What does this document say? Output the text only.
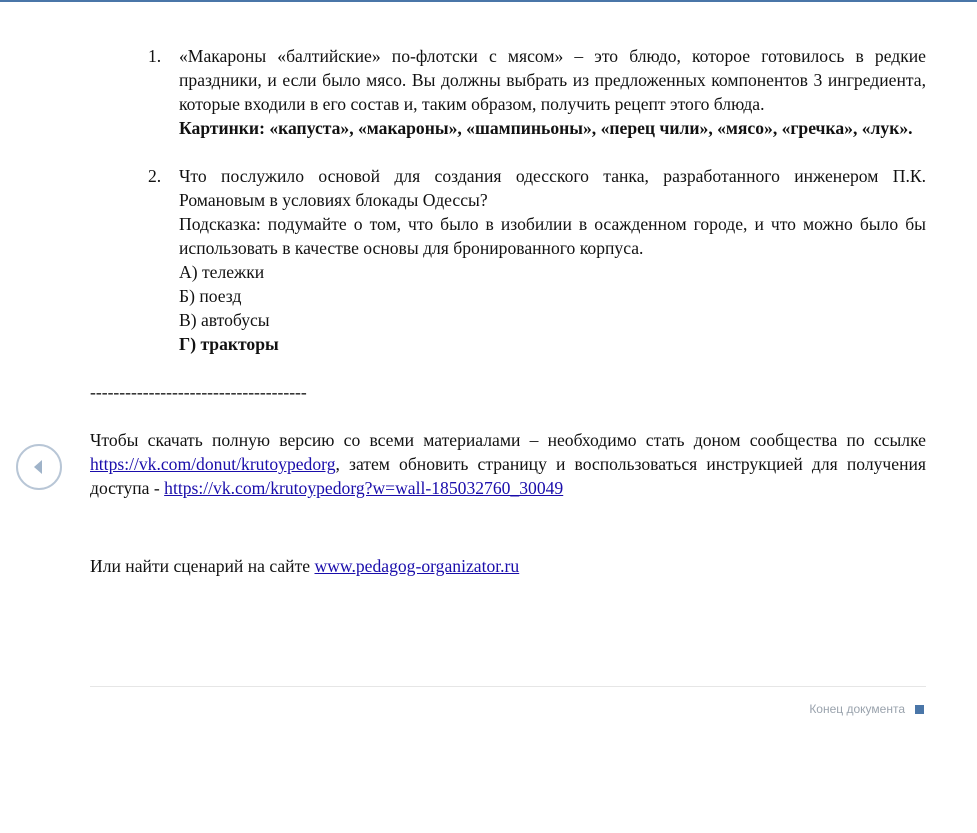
1. «Макароны «балтийские» по-флотски с мясом» – это блюдо, которое готовилось в редкие праздники, и если было мясо. Вы должны выбрать из предложенных компонентов 3 ингредиента, которые входили в его состав и, таким образом, получить рецепт этого блюда.
Картинки: «капуста», «макароны», «шампиньоны», «перец чили», «мясо», «гречка», «лук».
2. Что послужило основой для создания одесского танка, разработанного инженером П.К. Романовым в условиях блокады Одессы?
Подсказка: подумайте о том, что было в изобилии в осажденном городе, и что можно было бы использовать в качестве основы для бронированного корпуса.
А) тележки
Б) поезд
В) автобусы
Г) тракторы
-------------------------------------
Чтобы скачать полную версию со всеми материалами – необходимо стать доном сообщества по ссылке https://vk.com/donut/krutoypedorg, затем обновить страницу и воспользоваться инструкцией для получения доступа - https://vk.com/krutoypedorg?w=wall-185032760_30049
Или найти сценарий на сайте www.pedagog-organizator.ru
Конец документа
